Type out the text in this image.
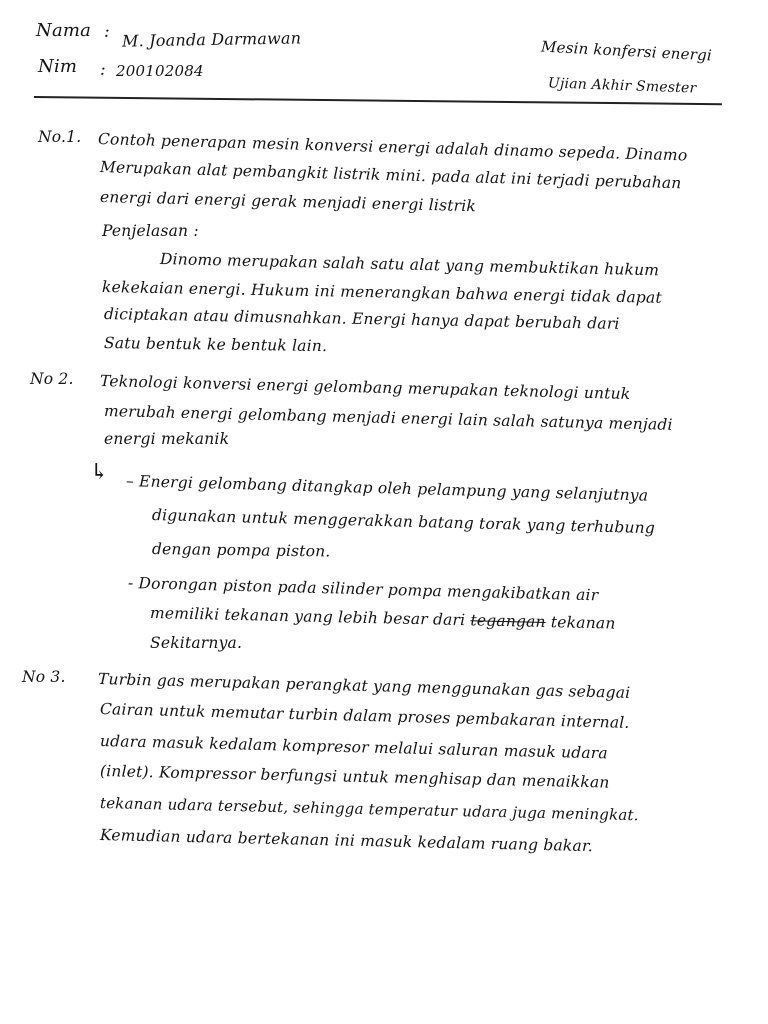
Nama : M. Joanda Darmawan
Nim : 200102084
Mesin konfersi energi
Ujian Akhir Smester
No.1. Contoh penerapan mesin konversi energi adalah dinamo sepeda. Dinamo
Merupakan alat pembangkit listrik mini. pada alat ini terjadi perubahan
energi dari energi gerak menjadi energi listrik
Penjelasan :
Dinomo merupakan salah satu alat yang membuktikan hukum
kekekaian energi. Hukum ini menerangkan bahwa energi tidak dapat
diciptakan atau dimusnahkan. Energi hanya dapat berubah dari
Satu bentuk ke bentuk lain.
No 2. Teknologi konversi energi gelombang merupakan teknologi untuk
merubah energi gelombang menjadi energi lain salah satunya menjadi
energi mekanik
↳ – Energi gelombang ditangkap oleh pelampung yang selanjutnya
digunakan untuk menggerakkan batang torak yang terhubung
dengan pompa piston.
- Dorongan piston pada silinder pompa mengakibatkan air
memiliki tekanan yang lebih besar dari tegangan tekanan
Sekitarnya.
No 3. Turbin gas merupakan perangkat yang menggunakan gas sebagai
Cairan untuk memutar turbin dalam proses pembakaran internal.
udara masuk kedalam kompresor melalui saluran masuk udara
(inlet). Kompressor berfungsi untuk menghisap dan menaikkan
tekanan udara tersebut, sehingga temperatur udara juga meningkat.
Kemudian udara bertekanan ini masuk kedalam ruang bakar.
